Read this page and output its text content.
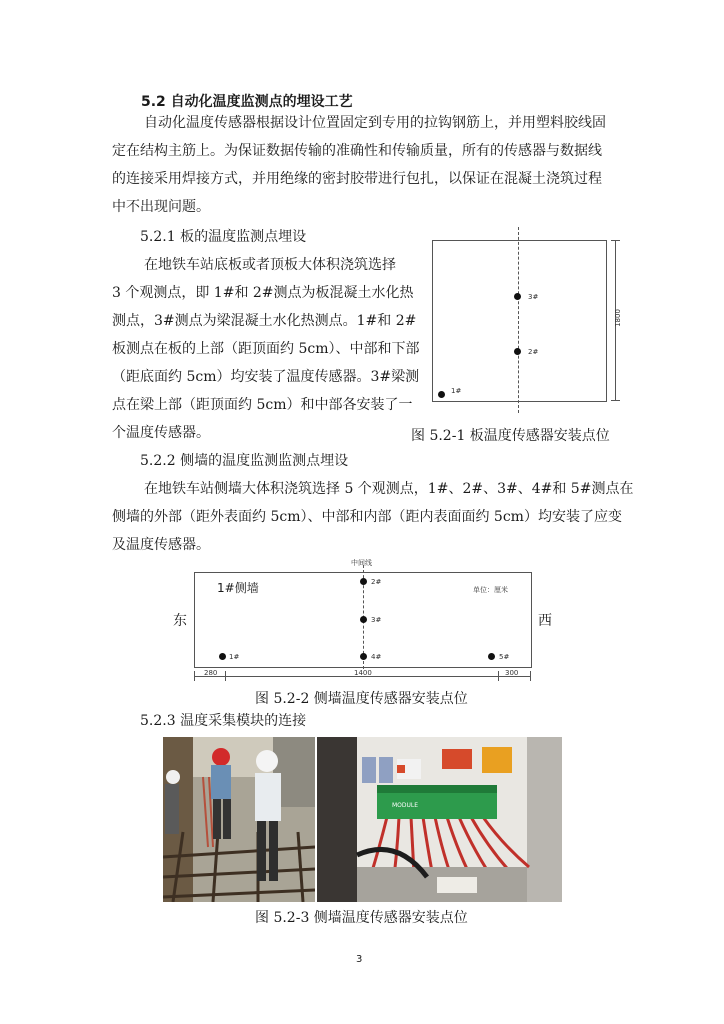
5.2 自动化温度监测点的埋设工艺
自动化温度传感器根据设计位置固定到专用的拉钩钢筋上，并用塑料胶线固
定在结构主筋上。为保证数据传输的准确性和传输质量，所有的传感器与数据线
的连接采用焊接方式，并用绝缘的密封胶带进行包扎，以保证在混凝土浇筑过程
中不出现问题。
5.2.1 板的温度监测点埋设
在地铁车站底板或者顶板大体积浇筑选择
3 个观测点，即 1#和 2#测点为板混凝土水化热
测点，3#测点为梁混凝土水化热测点。1#和 2#
板测点在板的上部（距顶面约 5cm）、中部和下部
（距底面约 5cm）均安装了温度传感器。3#梁测
点在梁上部（距顶面约 5cm）和中部各安装了一
个温度传感器。
3#
2#
1#
1800
图 5.2-1 板温度传感器安装点位
5.2.2 侧墙的温度监测监测点埋设
在地铁车站侧墙大体积浇筑选择 5 个观测点，1#、2#、3#、4#和 5#测点在
侧墙的外部（距外表面约 5cm）、中部和内部（距内表面面约 5cm）均安装了应变
及温度传感器。
东	西
中间线
1#侧墙	单位：厘米
2#
3#
1#	4#	5#
280	1400	300
图 5.2-2 侧墙温度传感器安装点位
5.2.3 温度采集模块的连接
MODULE
图 5.2-3 侧墙温度传感器安装点位
3
